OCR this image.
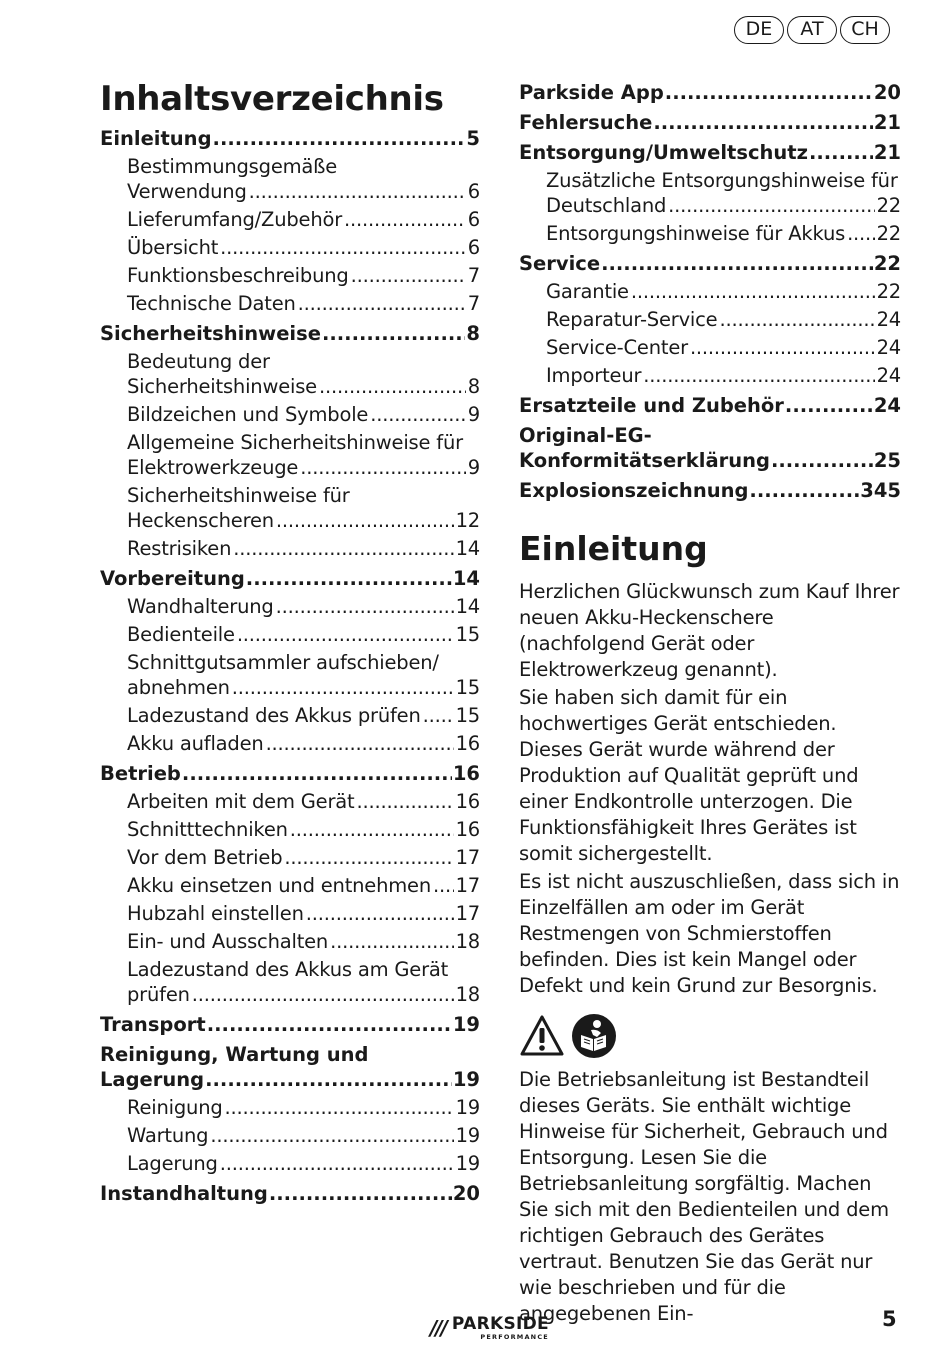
DE	AT	CH
Inhaltsverzeichnis
Einleitung .....	5
Bestimmungsgemäße
Verwendung .....	6
Lieferumfang/Zubehör .....	6
Übersicht .....	6
Funktionsbeschreibung .....	7
Technische Daten .....	7
Sicherheitshinweise .....	8
Bedeutung der
Sicherheitshinweise .....	8
Bildzeichen und Symbole .....	9
Allgemeine Sicherheitshinweise für
Elektrowerkzeuge .....	9
Sicherheitshinweise für
Heckenscheren .....	12
Restrisiken .....	14
Vorbereitung .....	14
Wandhalterung .....	14
Bedienteile .....	15
Schnittgutsammler aufschieben/
abnehmen .....	15
Ladezustand des Akkus prüfen ..... 15
Akku aufladen .....	16
Betrieb .....	16
Arbeiten mit dem Gerät .....	16
Schnitttechniken .....	16
Vor dem Betrieb .....	17
Akku einsetzen und entnehmen ..... 17
Hubzahl einstellen .....	17
Ein- und Ausschalten .....	18
Ladezustand des Akkus am Gerät
prüfen .....	18
Transport .....	19
Reinigung, Wartung und
Lagerung .....	19
Reinigung .....	19
Wartung .....	19
Lagerung .....	19
Instandhaltung .....	20
Parkside App .....	20
Fehlersuche .....	21
Entsorgung/Umweltschutz .....	21
Zusätzliche Entsorgungshinweise für
Deutschland .....	22
Entsorgungshinweise für Akkus ..... 22
Service .....	22
Garantie .....	22
Reparatur-Service .....	24
Service-Center .....	24
Importeur .....	24
Ersatzteile und Zubehör .....	24
Original-EG-
Konformitätserklärung .....	25
Explosionszeichnung .....	345
Einleitung

Herzlichen Glückwunsch zum Kauf Ihrer neuen Akku-Heckenschere (nachfolgend Gerät oder Elektrowerkzeug genannt).

Sie haben sich damit für ein hochwertiges Gerät entschieden. Dieses Gerät wurde während der Produktion auf Qualität geprüft und einer Endkontrolle unterzogen. Die Funktionsfähigkeit Ihres Gerätes ist somit sichergestellt.

Es ist nicht auszuschließen, dass sich in Einzelfällen am oder im Gerät Restmengen von Schmierstoffen befinden. Dies ist kein Mangel oder Defekt und kein Grund zur Besorgnis.

Die Betriebsanleitung ist Bestandteil dieses Geräts. Sie enthält wichtige Hinweise für Sicherheit, Gebrauch und Entsorgung. Lesen Sie die Betriebsanleitung sorgfältig. Machen Sie sich mit den Bedienteilen und dem richtigen Gebrauch des Gerätes vertraut. Benutzen Sie das Gerät nur wie beschrieben und für die angegebenen Ein-

/// PARKSIDE
PERFORMANCE
5
